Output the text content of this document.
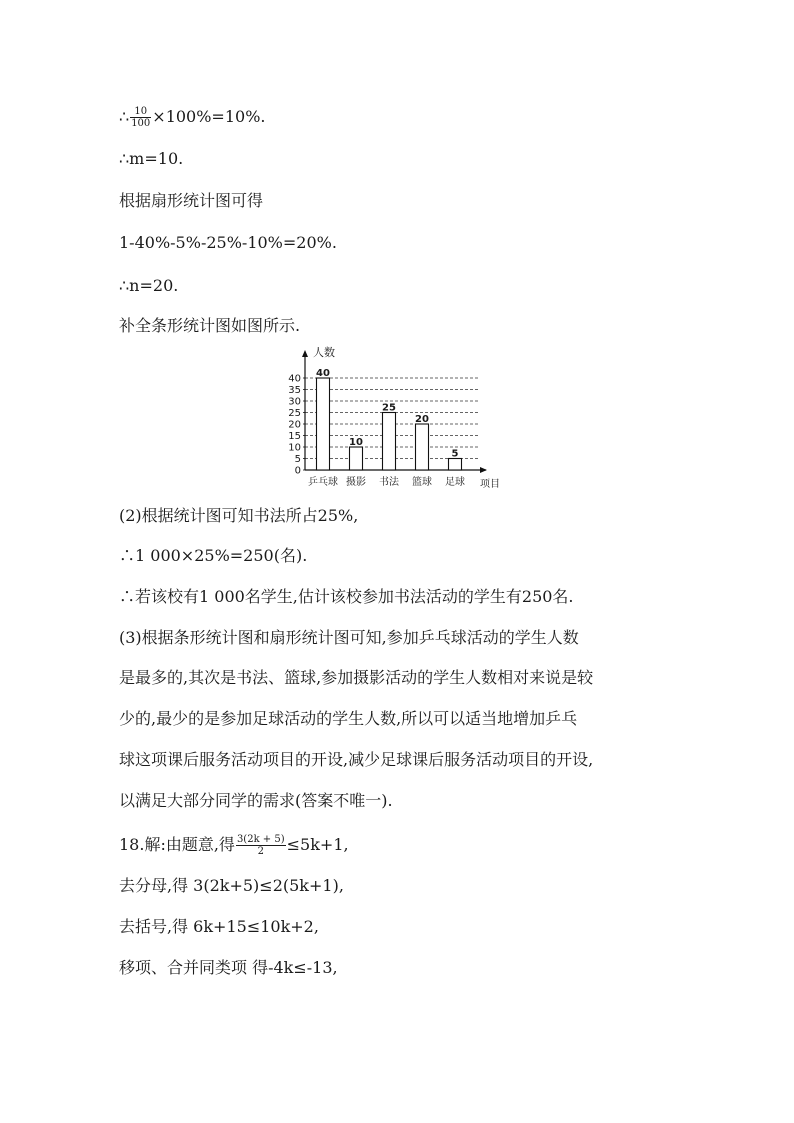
∴ $\frac{10}{100} \times 100\%=10\%$.
∴m=10.
根据扇形统计图可得
1-40%-5%-25%-10%=20%.
∴n=20.
补全条形统计图如图所示.
0
5
10
15
20
25
30
35
40
人数
项目
40
乒乓球
10
摄影
25
书法
20
篮球
5
足球
(2)根据统计图可知书法所占25%,
∴1 000×25%=250(名).
∴若该校有1 000名学生,估计该校参加书法活动的学生有250名.
(3)根据条形统计图和扇形统计图可知,参加乒乓球活动的学生人数
是最多的,其次是书法、篮球,参加摄影活动的学生人数相对来说是较
少的,最少的是参加足球活动的学生人数,所以可以适当地增加乒乓
球这项课后服务活动项目的开设,减少足球课后服务活动项目的开设,
以满足大部分同学的需求(答案不唯一).
18.解:由题意,得 $\frac{3(2k + 5)}{2} \le 5k+1$,
去分母,得 3(2k+5)≤2(5k+1),
去括号,得 6k+15≤10k+2,
移项、合并同类项 得-4k≤-13,
